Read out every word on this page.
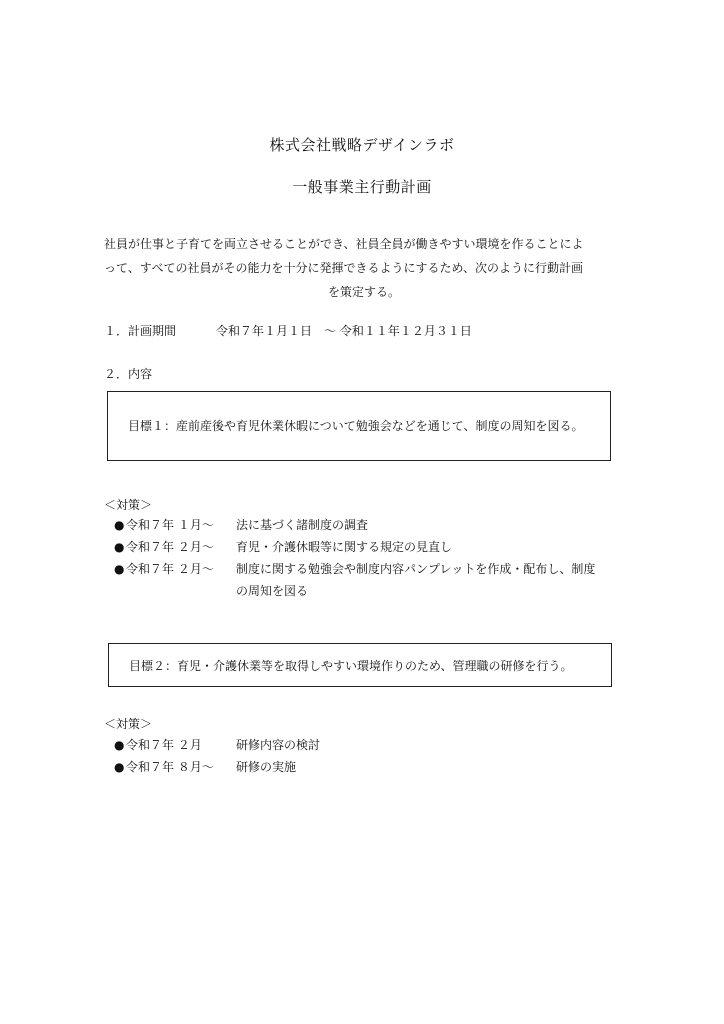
株式会社戦略デザインラボ
一般事業主行動計画
社員が仕事と子育てを両立させることができ、社員全員が働きやすい環境を作ることによ
って、すべての社員がその能力を十分に発揮できるようにするため、次のように行動計画
を策定する。
１．計画期間	令和７年１月１日　～ 令和１１年１２月３１日
２．内容
目標１：産前産後や育児休業休暇について勉強会などを通じて、制度の周知を図る。
＜対策＞
● 令和７年 １月～	法に基づく諸制度の調査
● 令和７年 ２月～	育児・介護休暇等に関する規定の見直し
● 令和７年 ２月～	制度に関する勉強会や制度内容パンプレットを作成・配布し、制度
の周知を図る
目標２：育児・介護休業等を取得しやすい環境作りのため、管理職の研修を行う。
＜対策＞
● 令和７年 ２月	研修内容の検討
● 令和７年 ８月～	研修の実施
